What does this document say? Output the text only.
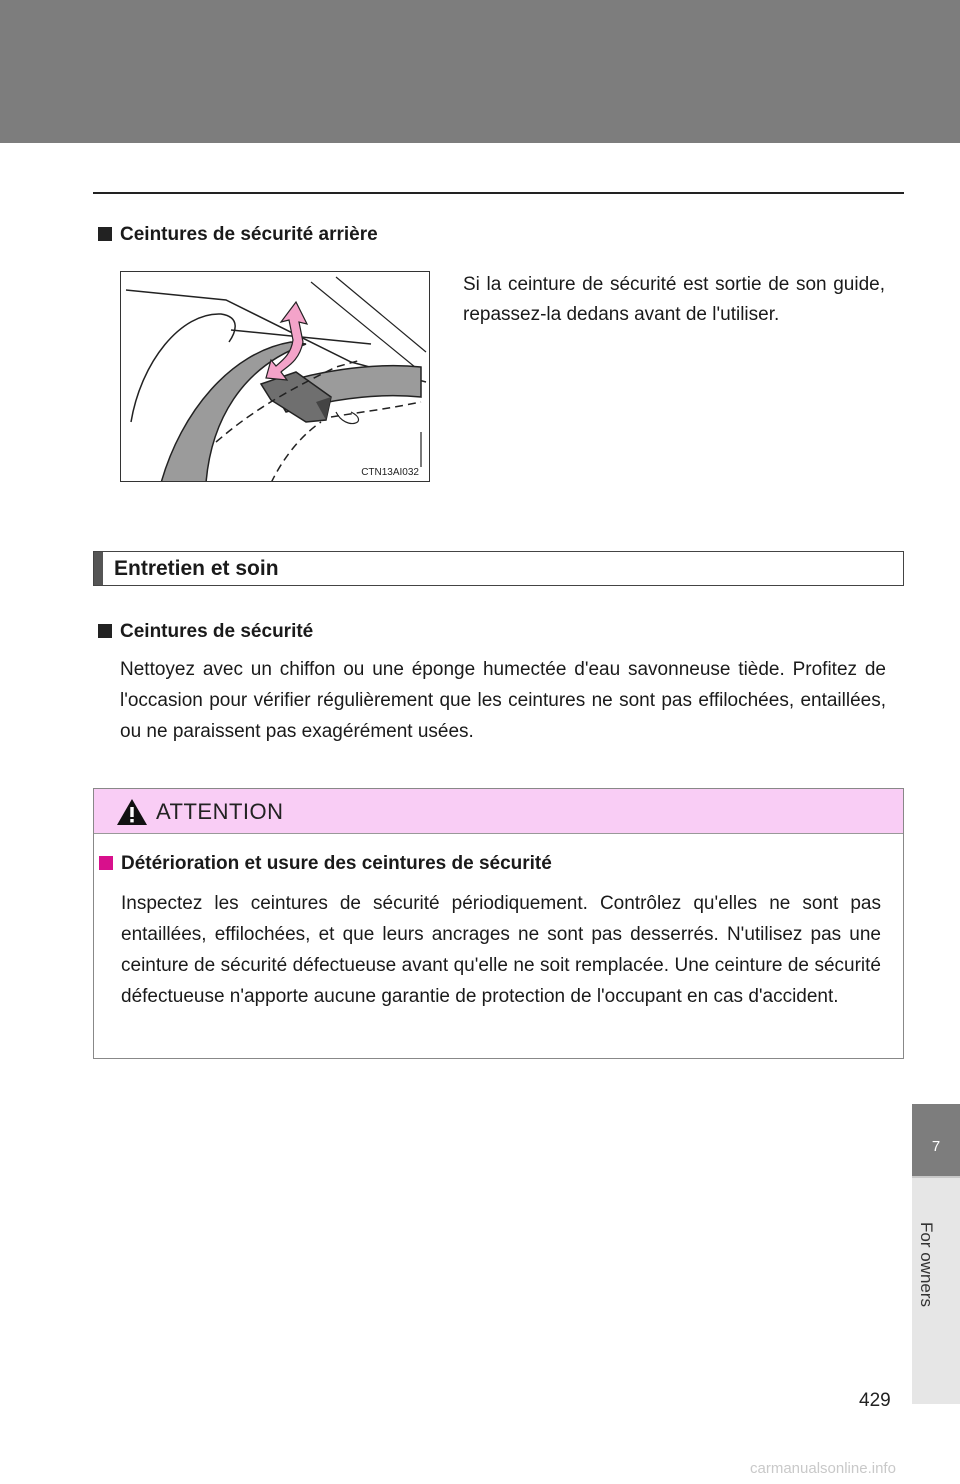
Ceintures de sécurité arrière
CTN13AI032
Si la ceinture de sécurité est sortie de son guide, repassez-la dedans avant de l'utiliser.
Entretien et soin
Ceintures de sécurité
Nettoyez avec un chiffon ou une éponge humectée d'eau savonneuse tiède. Profitez de l'occasion pour vérifier régulièrement que les ceintures ne sont pas effilochées, entaillées, ou ne paraissent pas exagérément usées.
ATTENTION
Détérioration et usure des ceintures de sécurité
Inspectez les ceintures de sécurité périodiquement. Contrôlez qu'elles ne sont pas entaillées, effilochées, et que leurs ancrages ne sont pas desserrés. N'utilisez pas une ceinture de sécurité défectueuse avant qu'elle ne soit remplacée. Une ceinture de sécurité défectueuse n'apporte aucune garantie de protection de l'occupant en cas d'accident.
7
For owners
429
carmanualsonline.info
